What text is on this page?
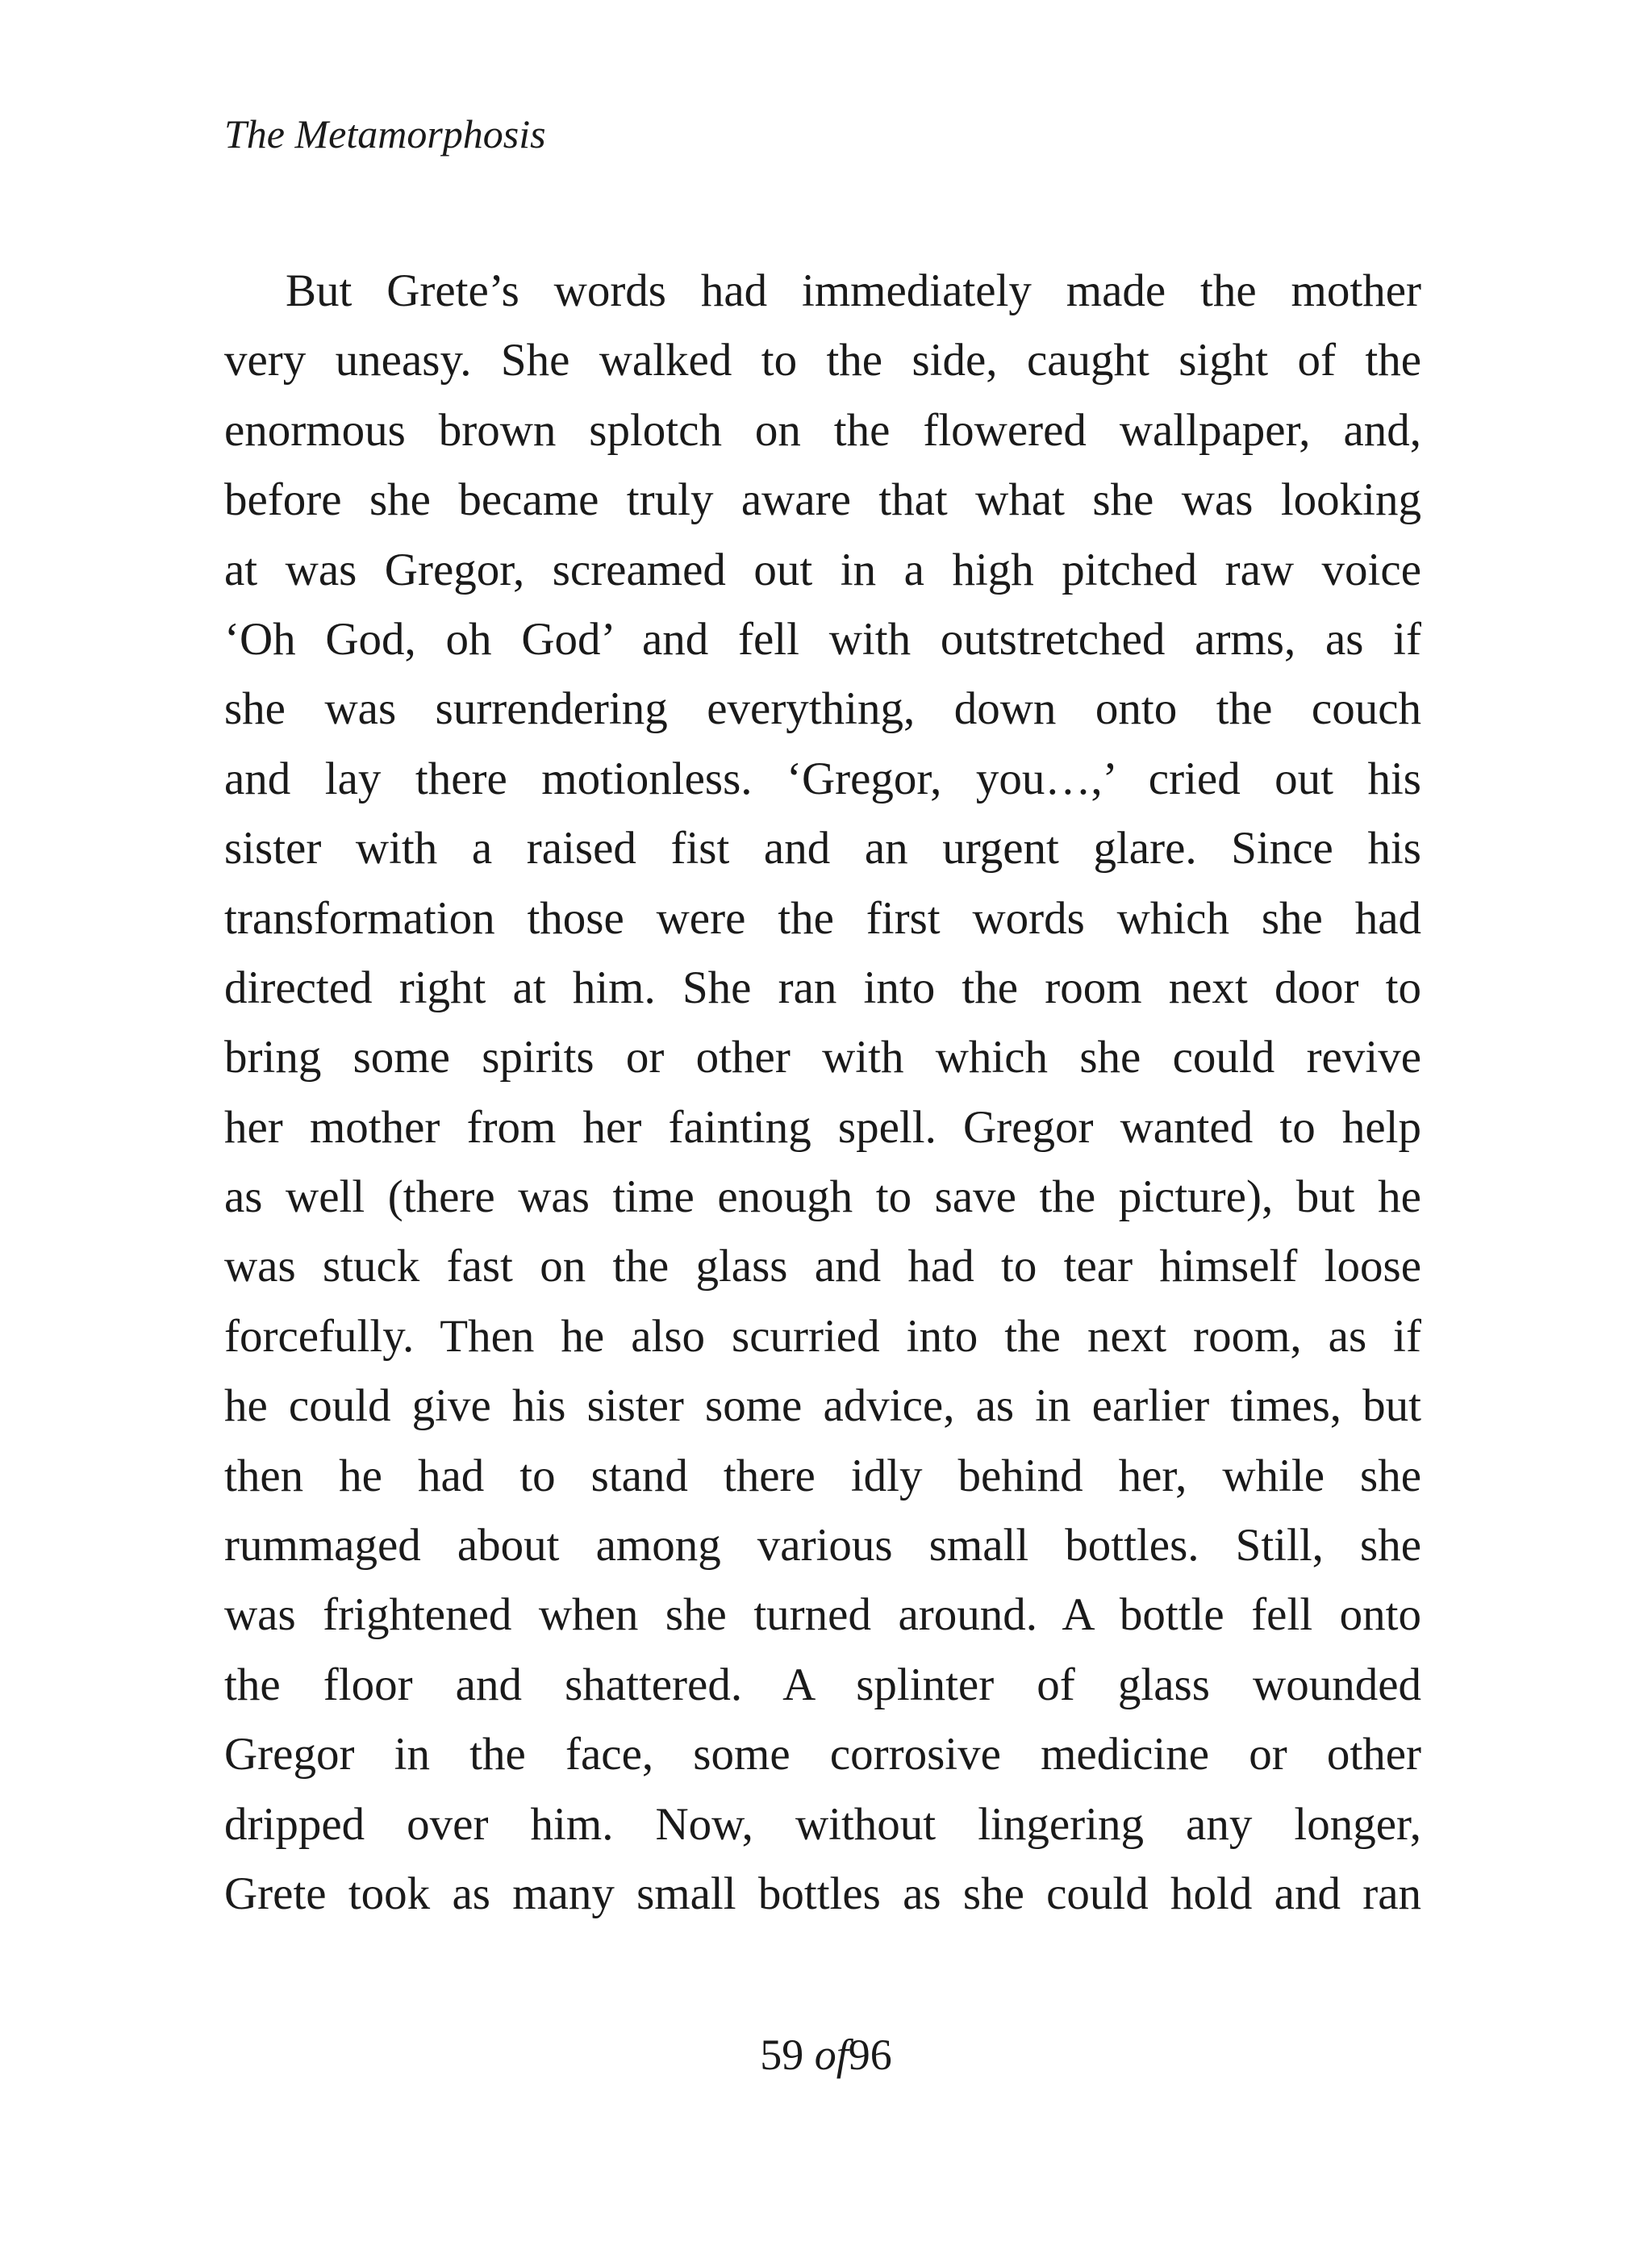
The Metamorphosis
But Grete’s words had immediately made the mother
very uneasy. She walked to the side, caught sight of the
enormous brown splotch on the flowered wallpaper, and,
before she became truly aware that what she was looking
at was Gregor, screamed out in a high pitched raw voice
‘Oh God, oh God’ and fell with outstretched arms, as if
she was surrendering everything, down onto the couch
and lay there motionless. ‘Gregor, you…,’ cried out his
sister with a raised fist and an urgent glare. Since his
transformation those were the first words which she had
directed right at him. She ran into the room next door to
bring some spirits or other with which she could revive
her mother from her fainting spell. Gregor wanted to help
as well (there was time enough to save the picture), but he
was stuck fast on the glass and had to tear himself loose
forcefully. Then he also scurried into the next room, as if
he could give his sister some advice, as in earlier times, but
then he had to stand there idly behind her, while she
rummaged about among various small bottles. Still, she
was frightened when she turned around. A bottle fell onto
the floor and shattered. A splinter of glass wounded
Gregor in the face, some corrosive medicine or other
dripped over him. Now, without lingering any longer,
Grete took as many small bottles as she could hold and ran
59 of96
